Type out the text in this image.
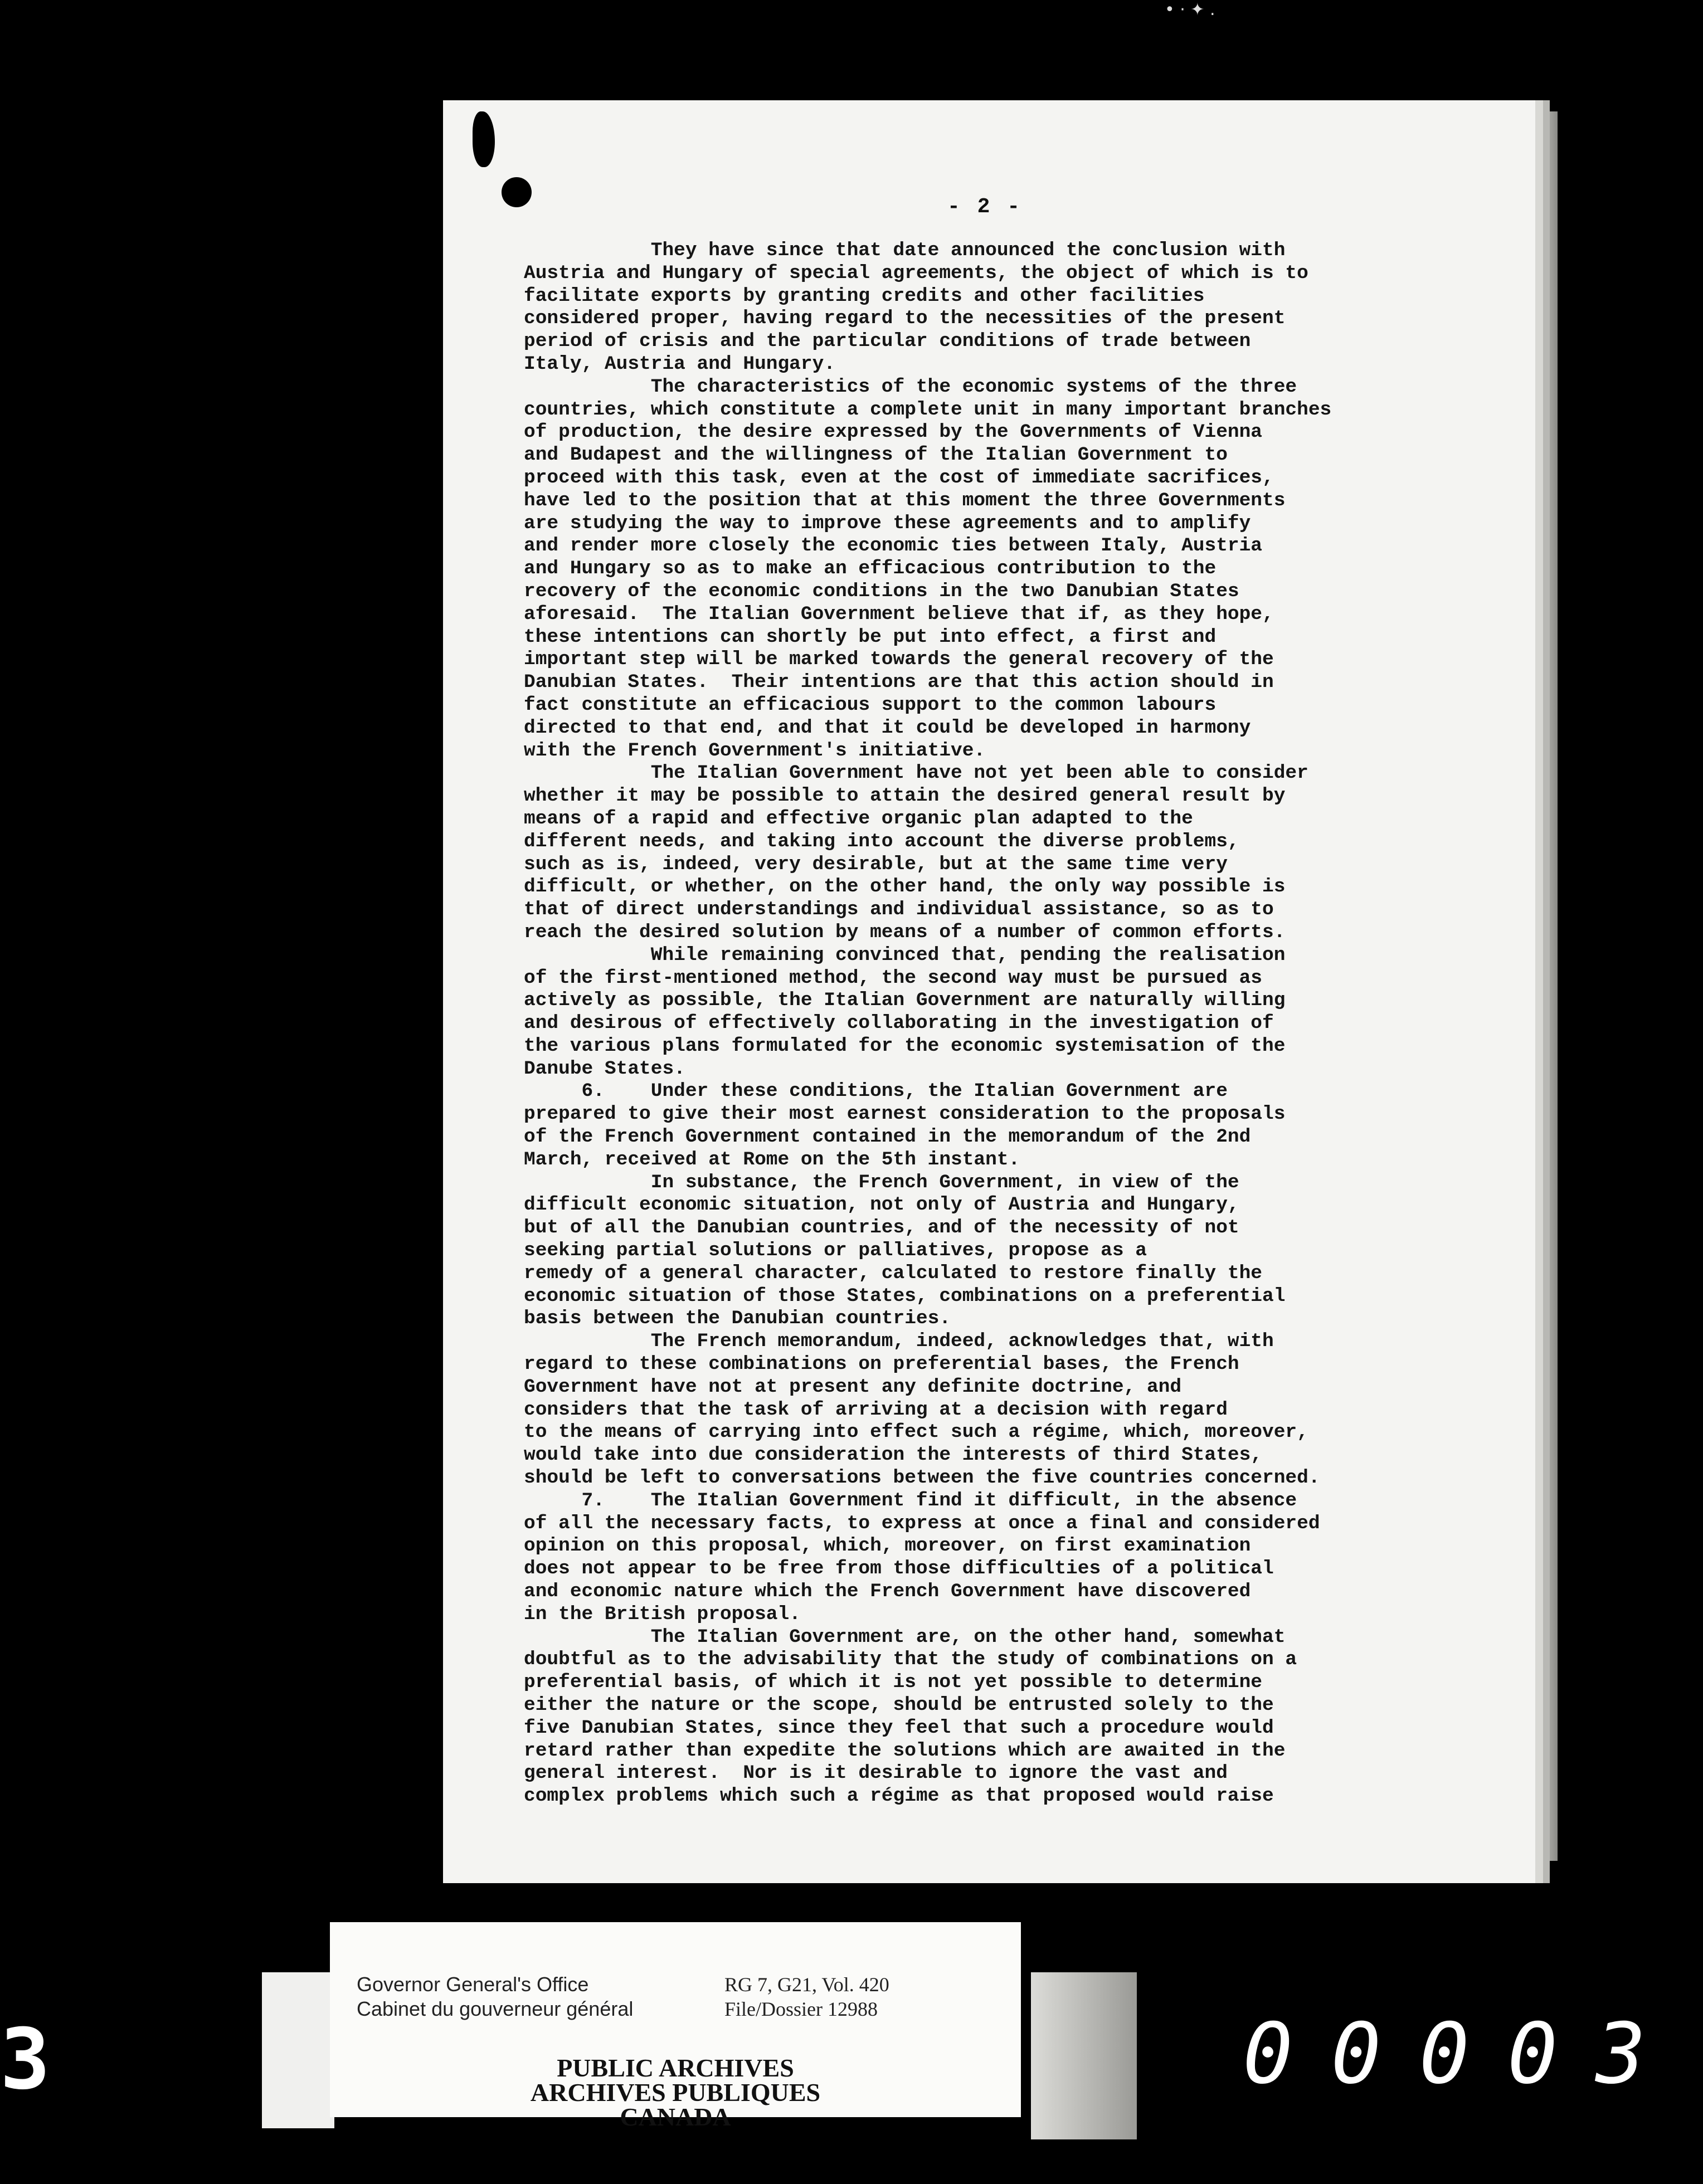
• · ✦ .
- 2 -
They have since that date announced the conclusion with
Austria and Hungary of special agreements, the object of which is to
facilitate exports by granting credits and other facilities
considered proper, having regard to the necessities of the present
period of crisis and the particular conditions of trade between
Italy, Austria and Hungary.
The characteristics of the economic systems of the three
countries, which constitute a complete unit in many important branches
of production, the desire expressed by the Governments of Vienna
and Budapest and the willingness of the Italian Government to
proceed with this task, even at the cost of immediate sacrifices,
have led to the position that at this moment the three Governments
are studying the way to improve these agreements and to amplify
and render more closely the economic ties between Italy, Austria
and Hungary so as to make an efficacious contribution to the
recovery of the economic conditions in the two Danubian States
aforesaid.  The Italian Government believe that if, as they hope,
these intentions can shortly be put into effect, a first and
important step will be marked towards the general recovery of the
Danubian States.  Their intentions are that this action should in
fact constitute an efficacious support to the common labours
directed to that end, and that it could be developed in harmony
with the French Government's initiative.
The Italian Government have not yet been able to consider
whether it may be possible to attain the desired general result by
means of a rapid and effective organic plan adapted to the
different needs, and taking into account the diverse problems,
such as is, indeed, very desirable, but at the same time very
difficult, or whether, on the other hand, the only way possible is
that of direct understandings and individual assistance, so as to
reach the desired solution by means of a number of common efforts.
While remaining convinced that, pending the realisation
of the first-mentioned method, the second way must be pursued as
actively as possible, the Italian Government are naturally willing
and desirous of effectively collaborating in the investigation of
the various plans formulated for the economic systemisation of the
Danube States.
6.    Under these conditions, the Italian Government are
prepared to give their most earnest consideration to the proposals
of the French Government contained in the memorandum of the 2nd
March, received at Rome on the 5th instant.
In substance, the French Government, in view of the
difficult economic situation, not only of Austria and Hungary,
but of all the Danubian countries, and of the necessity of not
seeking partial solutions or palliatives, propose as a
remedy of a general character, calculated to restore finally the
economic situation of those States, combinations on a preferential
basis between the Danubian countries.
The French memorandum, indeed, acknowledges that, with
regard to these combinations on preferential bases, the French
Government have not at present any definite doctrine, and
considers that the task of arriving at a decision with regard
to the means of carrying into effect such a régime, which, moreover,
would take into due consideration the interests of third States,
should be left to conversations between the five countries concerned.
7.    The Italian Government find it difficult, in the absence
of all the necessary facts, to express at once a final and considered
opinion on this proposal, which, moreover, on first examination
does not appear to be free from those difficulties of a political
and economic nature which the French Government have discovered
in the British proposal.
The Italian Government are, on the other hand, somewhat
doubtful as to the advisability that the study of combinations on a
preferential basis, of which it is not yet possible to determine
either the nature or the scope, should be entrusted solely to the
five Danubian States, since they feel that such a procedure would
retard rather than expedite the solutions which are awaited in the
general interest.  Nor is it desirable to ignore the vast and
complex problems which such a régime as that proposed would raise
Governor General's Office
Cabinet du gouverneur général
RG 7, G21, Vol. 420
File/Dossier 12988
PUBLIC ARCHIVES
ARCHIVES PUBLIQUES
CANADA
3	00003
